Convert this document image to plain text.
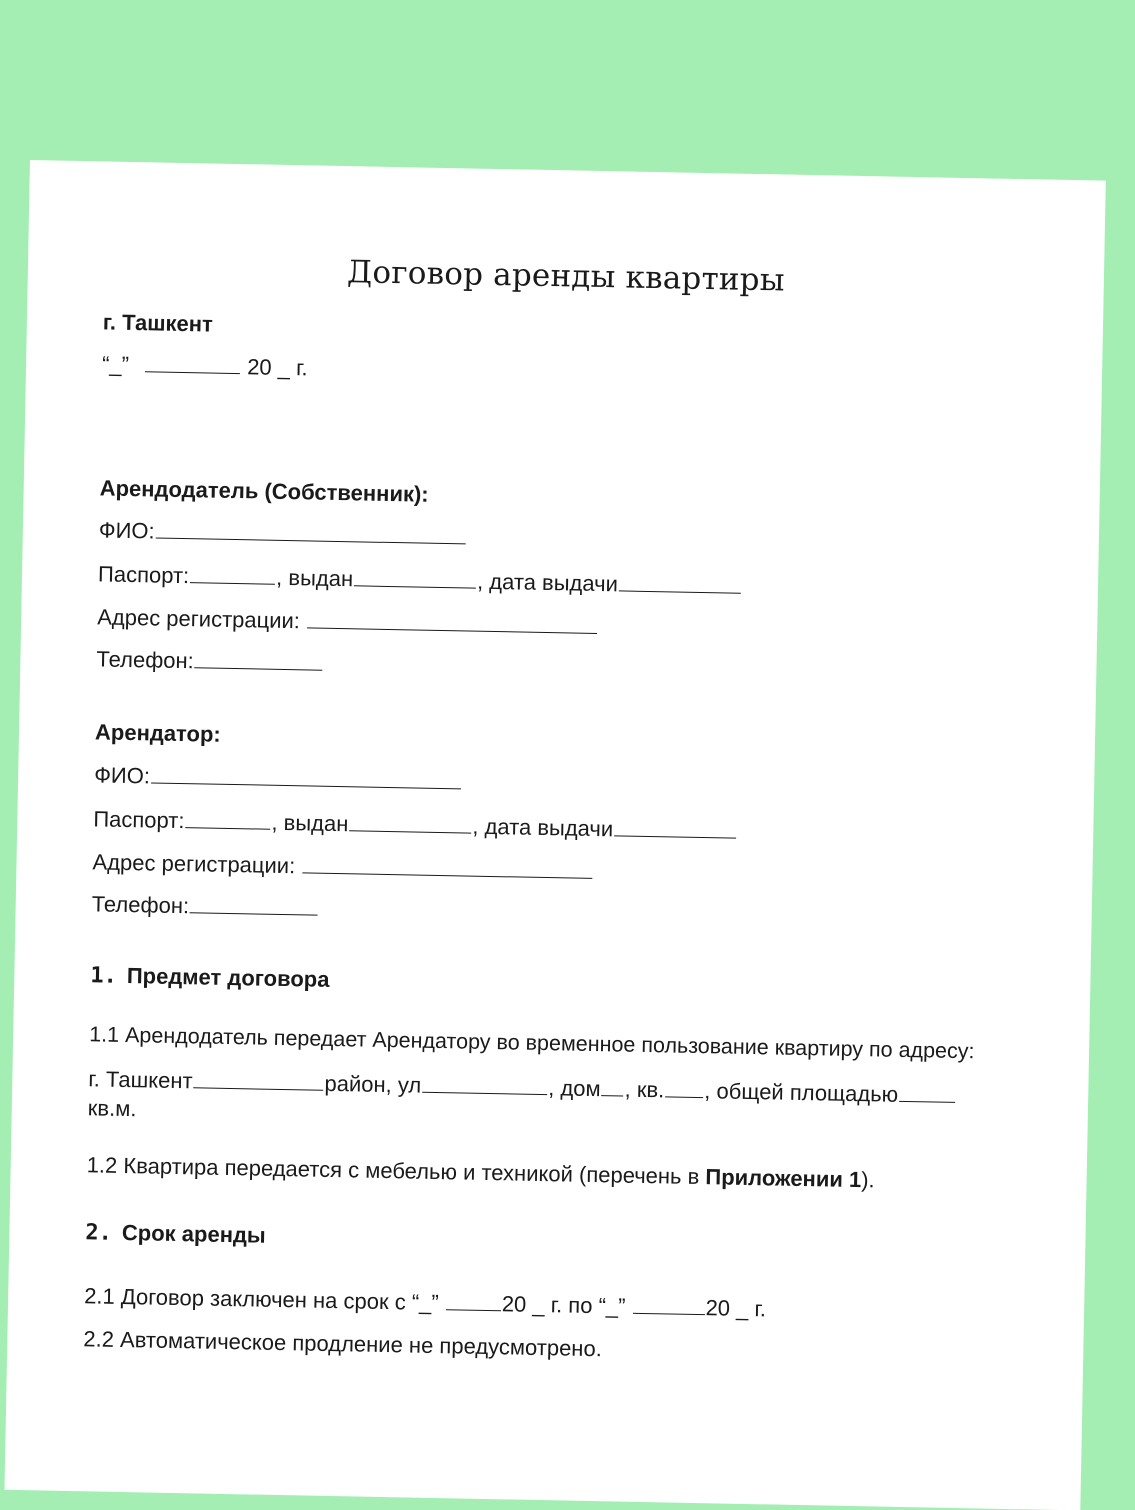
Договор аренды квартиры
г. Ташкент
“_”	20 _ г.
Арендодатель (Собственник):
ФИО:
Паспорт:	, выдан	, дата выдачи
Адрес регистрации:
Телефон:
Арендатор:
ФИО:
Паспорт:	, выдан	, дата выдачи
Адрес регистрации:
Телефон:
1. Предмет договора
1.1 Арендодатель передает Арендатору во временное пользование квартиру по адресу:
г. Ташкент	район, ул	, дом , кв. , общей площадью
кв.м.
1.2 Квартира передается с мебелью и техникой (перечень в Приложении 1).
2. Срок аренды
2.1 Договор заключен на срок с “_”	20 _ г. по “_”	20 _ г.
2.2 Автоматическое продление не предусмотрено.
